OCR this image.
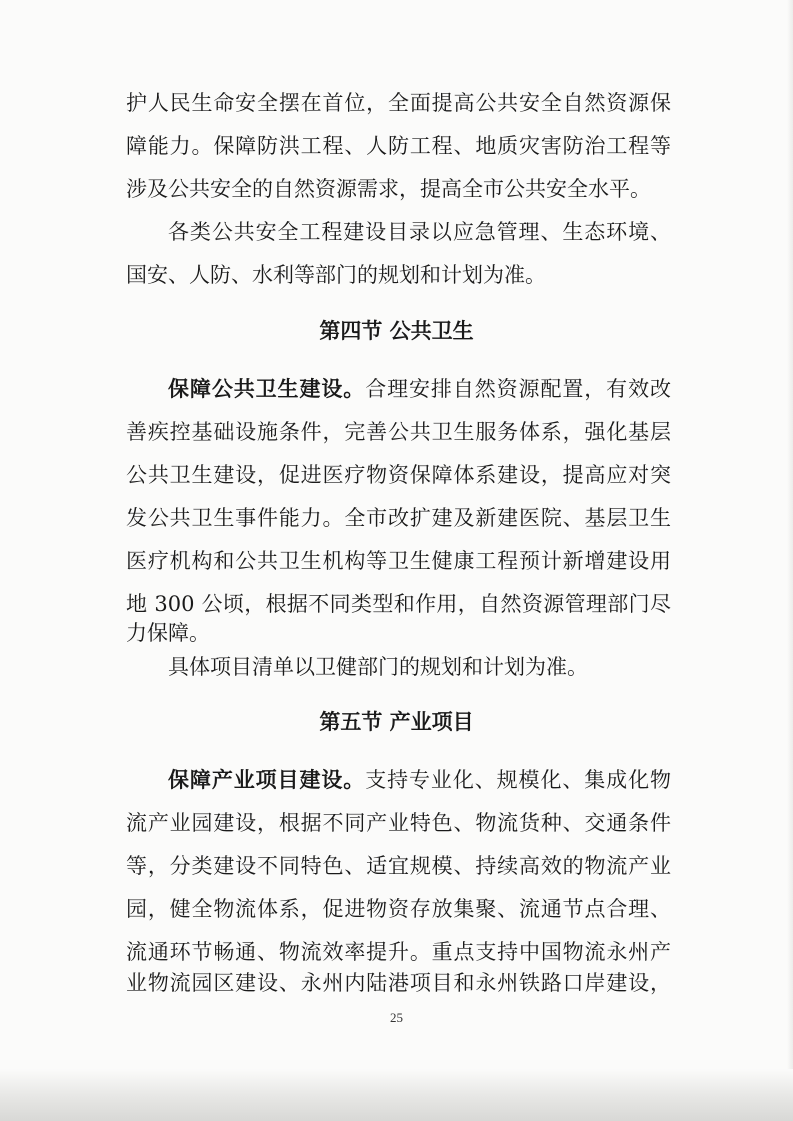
护人民生命安全摆在首位，全面提高公共安全自然资源保
障能力。保障防洪工程、人防工程、地质灾害防治工程等
涉及公共安全的自然资源需求，提高全市公共安全水平。
各类公共安全工程建设目录以应急管理、生态环境、
国安、人防、水利等部门的规划和计划为准。
第四节 公共卫生
保障公共卫生建设。合理安排自然资源配置，有效改
善疾控基础设施条件，完善公共卫生服务体系，强化基层
公共卫生建设，促进医疗物资保障体系建设，提高应对突
发公共卫生事件能力。全市改扩建及新建医院、基层卫生
医疗机构和公共卫生机构等卫生健康工程预计新增建设用
地 300 公顷，根据不同类型和作用，自然资源管理部门尽
力保障。
具体项目清单以卫健部门的规划和计划为准。
第五节 产业项目
保障产业项目建设。支持专业化、规模化、集成化物
流产业园建设，根据不同产业特色、物流货种、交通条件
等，分类建设不同特色、适宜规模、持续高效的物流产业
园，健全物流体系，促进物资存放集聚、流通节点合理、
流通环节畅通、物流效率提升。重点支持中国物流永州产
业物流园区建设、永州内陆港项目和永州铁路口岸建设，
25
